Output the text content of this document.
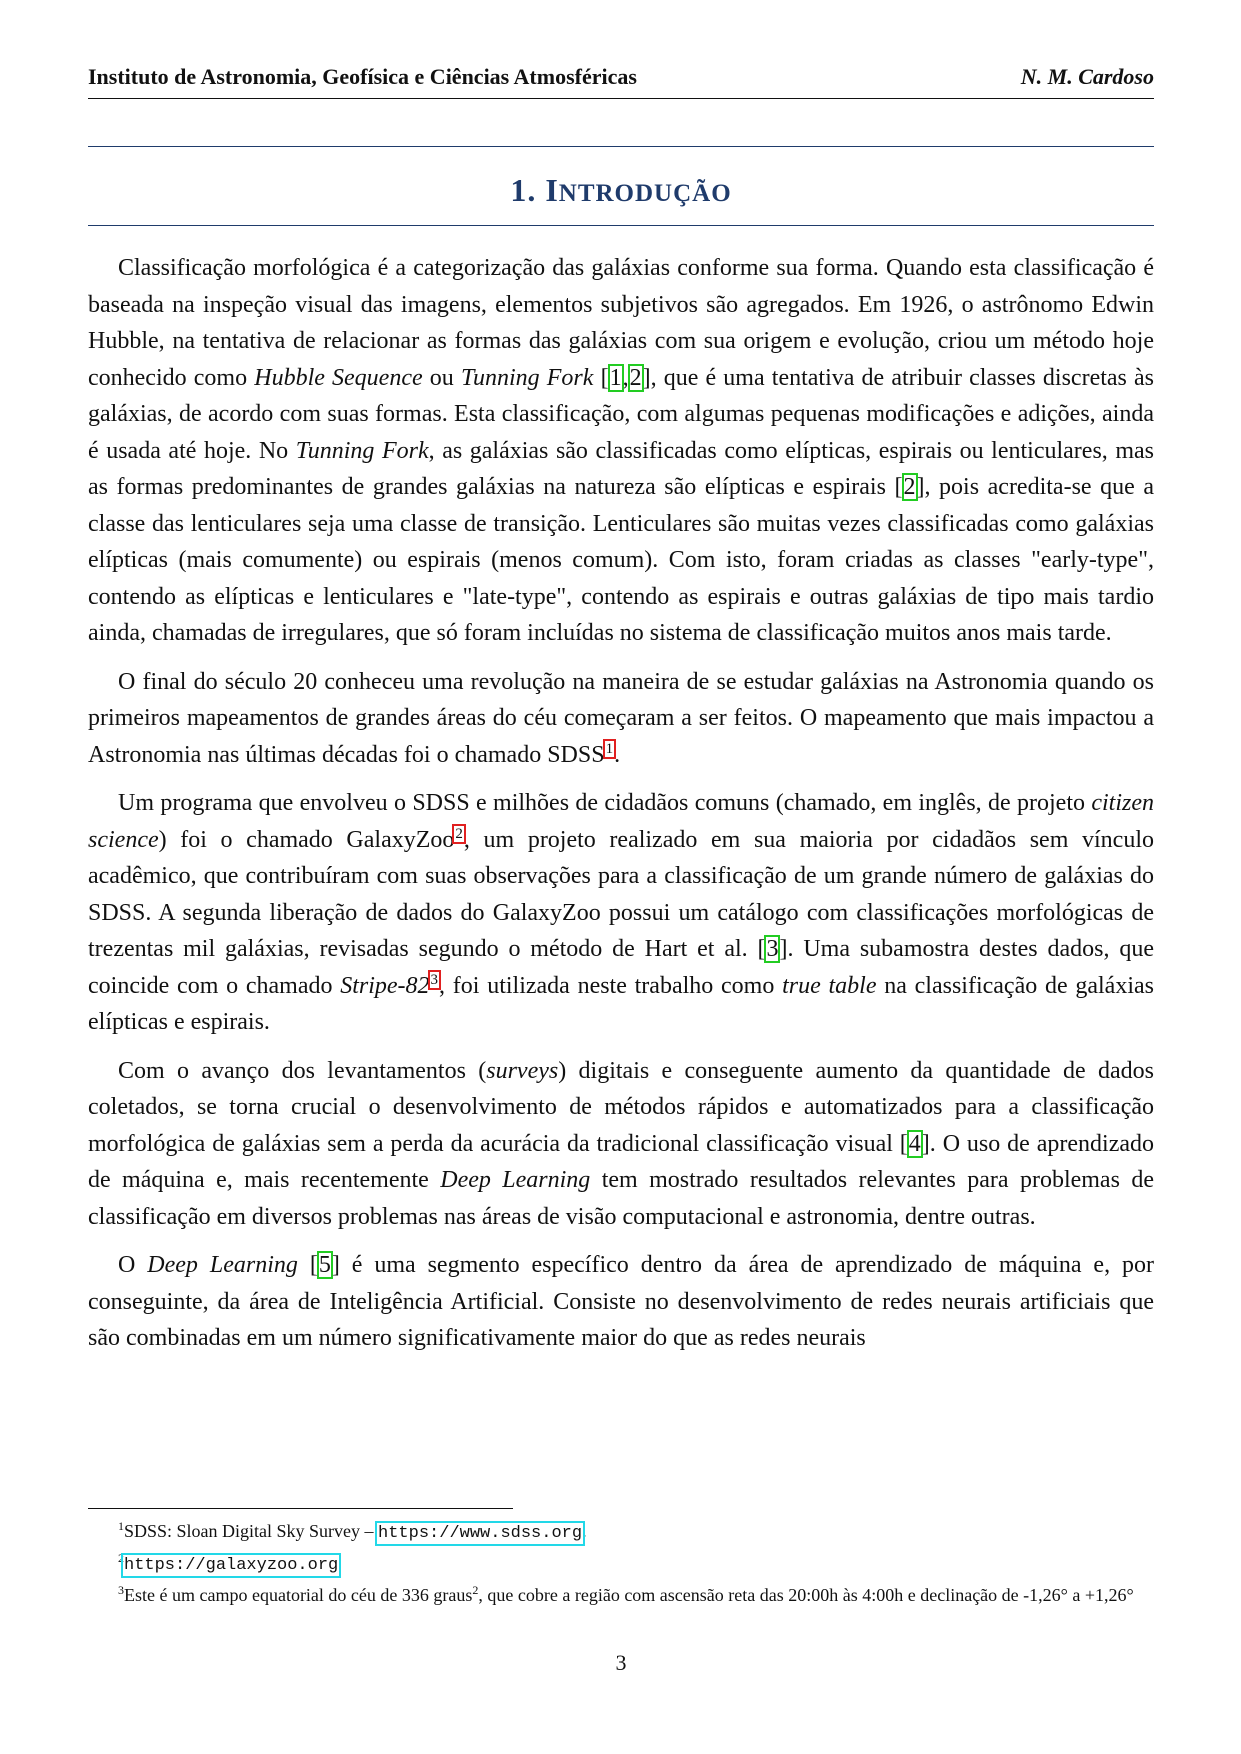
Instituto de Astronomia, Geofísica e Ciências Atmosféricas	N. M. Cardoso
1. INTRODUÇÃO

Classificação morfológica é a categorização das galáxias conforme sua forma. Quando esta classificação é baseada na inspeção visual das imagens, elementos subjetivos são agregados. Em 1926, o astrônomo Edwin Hubble, na tentativa de relacionar as formas das galáxias com sua origem e evolução, criou um método hoje conhecido como Hubble Sequence ou Tunning Fork [1,2], que é uma tentativa de atribuir classes discretas às galáxias, de acordo com suas formas. Esta classificação, com algumas pequenas modificações e adições, ainda é usada até hoje. No Tunning Fork, as galáxias são classificadas como elípticas, espirais ou lenticulares, mas as formas predominantes de grandes galáxias na natureza são elípticas e espirais [2], pois acredita-se que a classe das lenticulares seja uma classe de transição. Lenticulares são muitas vezes classificadas como galáxias elípticas (mais comumente) ou espirais (menos comum). Com isto, foram criadas as classes "early-type", contendo as elípticas e lenticulares e "late-type", contendo as espirais e outras galáxias de tipo mais tardio ainda, chamadas de irregulares, que só foram incluídas no sistema de classificação muitos anos mais tarde.

O final do século 20 conheceu uma revolução na maneira de se estudar galáxias na Astronomia quando os primeiros mapeamentos de grandes áreas do céu começaram a ser feitos. O mapeamento que mais impactou a Astronomia nas últimas décadas foi o chamado SDSS$^1$.

Um programa que envolveu o SDSS e milhões de cidadãos comuns (chamado, em inglês, de projeto citizen science) foi o chamado GalaxyZoo$^2$, um projeto realizado em sua maioria por cidadãos sem vínculo acadêmico, que contribuíram com suas observações para a classificação de um grande número de galáxias do SDSS. A segunda liberação de dados do GalaxyZoo possui um catálogo com classificações morfológicas de trezentas mil galáxias, revisadas segundo o método de Hart et al. [3]. Uma subamostra destes dados, que coincide com o chamado Stripe-82$^3$, foi utilizada neste trabalho como true table na classificação de galáxias elípticas e espirais.

Com o avanço dos levantamentos (surveys) digitais e conseguente aumento da quantidade de dados coletados, se torna crucial o desenvolvimento de métodos rápidos e automatizados para a classificação morfológica de galáxias sem a perda da acurácia da tradicional classificação visual [4]. O uso de aprendizado de máquina e, mais recentemente Deep Learning tem mostrado resultados relevantes para problemas de classificação em diversos problemas nas áreas de visão computacional e astronomia, dentre outras.

O Deep Learning [5] é uma segmento específico dentro da área de aprendizado de máquina e, por conseguinte, da área de Inteligência Artificial. Consiste no desenvolvimento de redes neurais artificiais que são combinadas em um número significativamente maior do que as redes neurais

$^1$SDSS: Sloan Digital Sky Survey – https://www.sdss.org.

$^2$https://galaxyzoo.org

$^3$Este é um campo equatorial do céu de 336 graus$^2$, que cobre a região com ascensão reta das 20:00h às 4:00h e declinação de -1,26° a +1,26°

3
